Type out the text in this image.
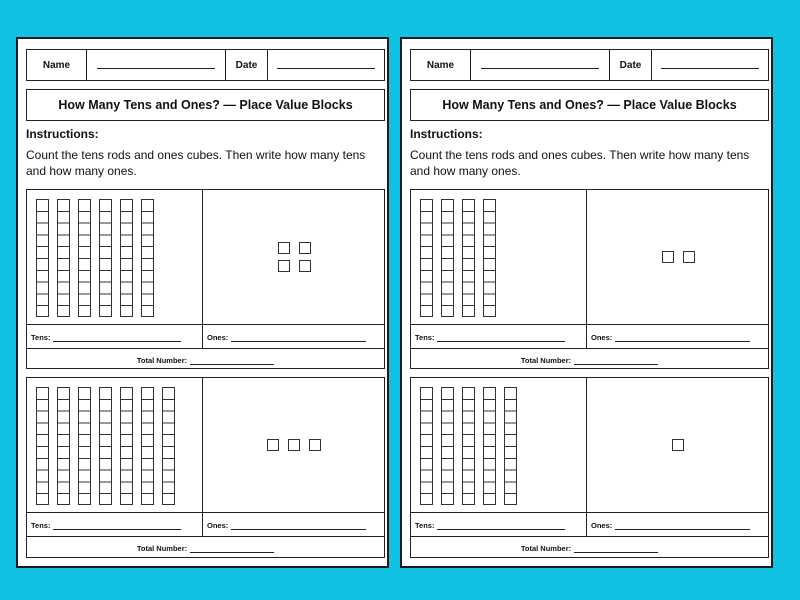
Name	Date
How Many Tens and Ones? — Place Value Blocks
Instructions:
Count the tens rods and ones cubes. Then write how many tens and how many ones.
Tens:	Ones:
Total Number:
Tens:	Ones:
Total Number:
Name	Date
How Many Tens and Ones? — Place Value Blocks
Instructions:
Count the tens rods and ones cubes. Then write how many tens and how many ones.
Tens:	Ones:
Total Number:
Tens:	Ones:
Total Number:
